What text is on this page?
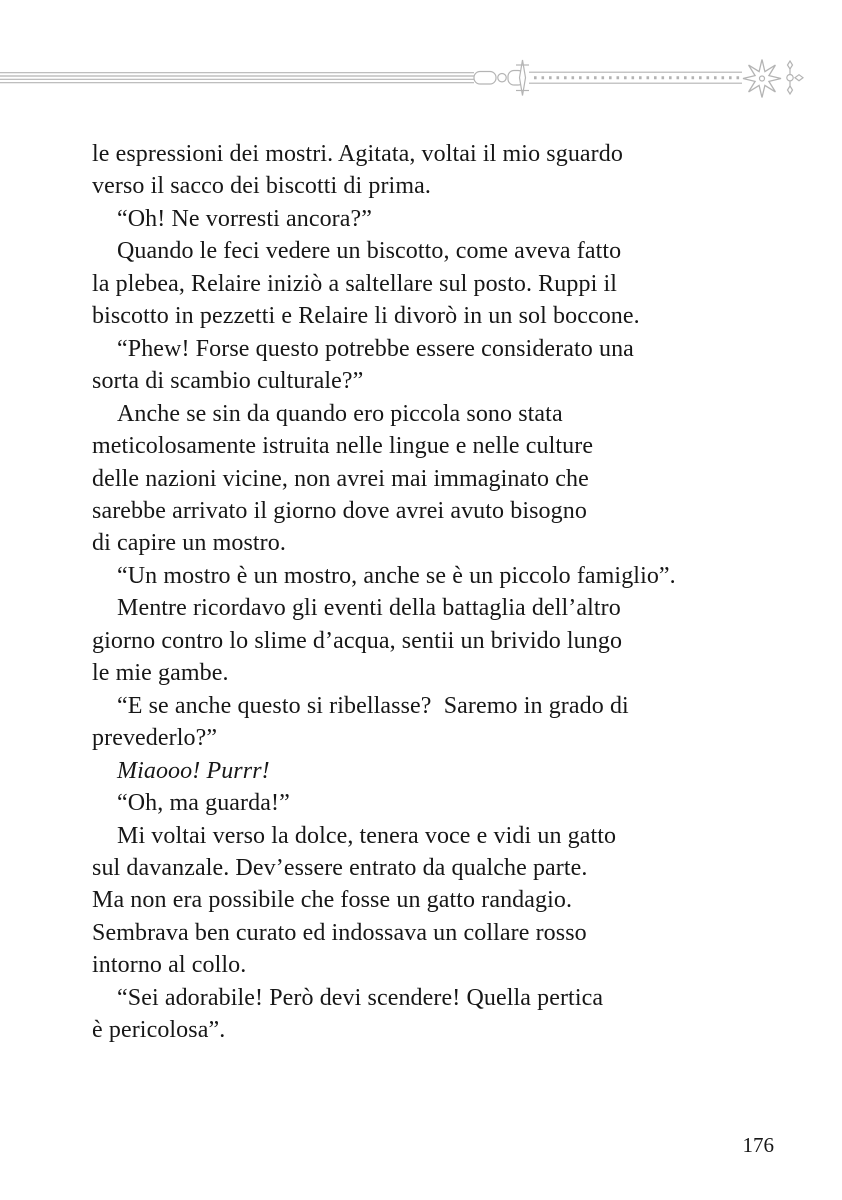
le espressioni dei mostri. Agitata, voltai il mio sguardo
verso il sacco dei biscotti di prima.
“Oh! Ne vorresti ancora?”
Quando le feci vedere un biscotto, come aveva fatto
la plebea, Relaire iniziò a saltellare sul posto. Ruppi il
biscotto in pezzetti e Relaire li divorò in un sol boccone.
“Phew! Forse questo potrebbe essere considerato una
sorta di scambio culturale?”
Anche se sin da quando ero piccola sono stata
meticolosamente istruita nelle lingue e nelle culture
delle nazioni vicine, non avrei mai immaginato che
sarebbe arrivato il giorno dove avrei avuto bisogno
di capire un mostro.
“Un mostro è un mostro, anche se è un piccolo famiglio”.
Mentre ricordavo gli eventi della battaglia dell’altro
giorno contro lo slime d’acqua, sentii un brivido lungo
le mie gambe.
“E se anche questo si ribellasse?  Saremo in grado di
prevederlo?”
Miaooo! Purrr!
“Oh, ma guarda!”
Mi voltai verso la dolce, tenera voce e vidi un gatto
sul davanzale. Dev’essere entrato da qualche parte.
Ma non era possibile che fosse un gatto randagio.
Sembrava ben curato ed indossava un collare rosso
intorno al collo.
“Sei adorabile! Però devi scendere! Quella pertica
è pericolosa”.
176
